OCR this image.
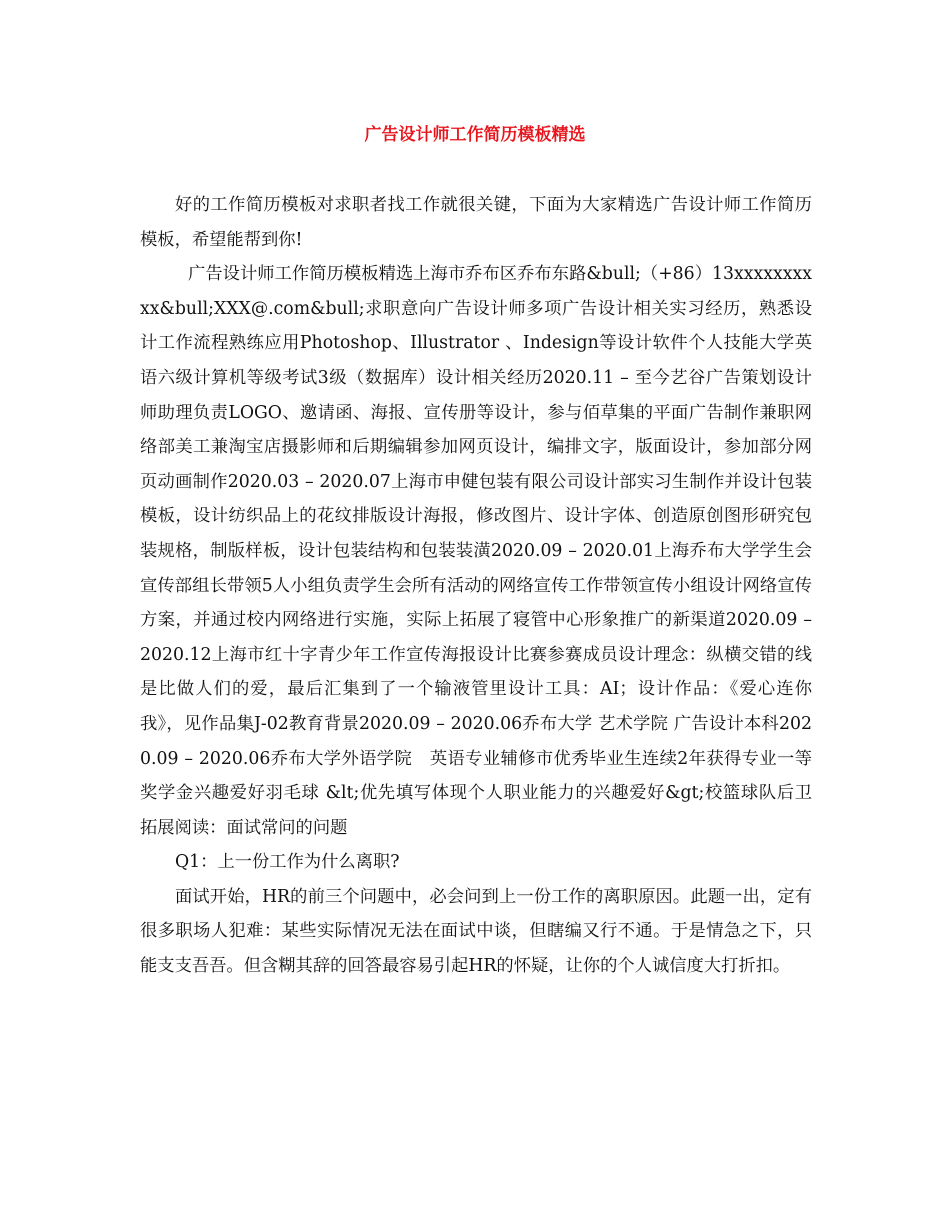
广告设计师工作简历模板精选

好的工作简历模板对求职者找工作就很关键，下面为大家精选广告设计师工作简历模板，希望能帮到你!

广告设计师工作简历模板精选上海市乔布区乔布东路&bull;（+86）13xxxxxxxxxx&bull;XXX@.com&bull;求职意向广告设计师多项广告设计相关实习经历，熟悉设计工作流程熟练应用Photoshop、Illustrator 、Indesign等设计软件个人技能大学英语六级计算机等级考试3级（数据库）设计相关经历2020.11 – 至今艺谷广告策划设计师助理负责LOGO、邀请函、海报、宣传册等设计，参与佰草集的平面广告制作兼职网络部美工兼淘宝店摄影师和后期编辑参加网页设计，编排文字，版面设计，参加部分网页动画制作2020.03 – 2020.07上海市申健包装有限公司设计部实习生制作并设计包装模板，设计纺织品上的花纹排版设计海报，修改图片、设计字体、创造原创图形研究包装规格，制版样板，设计包装结构和包装装潢2020.09 – 2020.01上海乔布大学学生会 宣传部组长带领5人小组负责学生会所有活动的网络宣传工作带领宣传小组设计网络宣传方案，并通过校内网络进行实施，实际上拓展了寝管中心形象推广的新渠道2020.09 – 2020.12上海市红十字青少年工作宣传海报设计比赛参赛成员设计理念：纵横交错的线是比做人们的爱，最后汇集到了一个输液管里设计工具：AI；设计作品：《爱心连你我》，见作品集J-02教育背景2020.09 – 2020.06乔布大学 艺术学院 广告设计本科2020.09 – 2020.06乔布大学外语学院　英语专业辅修市优秀毕业生连续2年获得专业一等奖学金兴趣爱好羽毛球 &lt;优先填写体现个人职业能力的兴趣爱好&gt;校篮球队后卫　　拓展阅读：面试常问的问题

Q1：上一份工作为什么离职?

面试开始，HR的前三个问题中，必会问到上一份工作的离职原因。此题一出，定有很多职场人犯难：某些实际情况无法在面试中谈，但瞎编又行不通。于是情急之下，只能支支吾吾。但含糊其辞的回答最容易引起HR的怀疑，让你的个人诚信度大打折扣。
